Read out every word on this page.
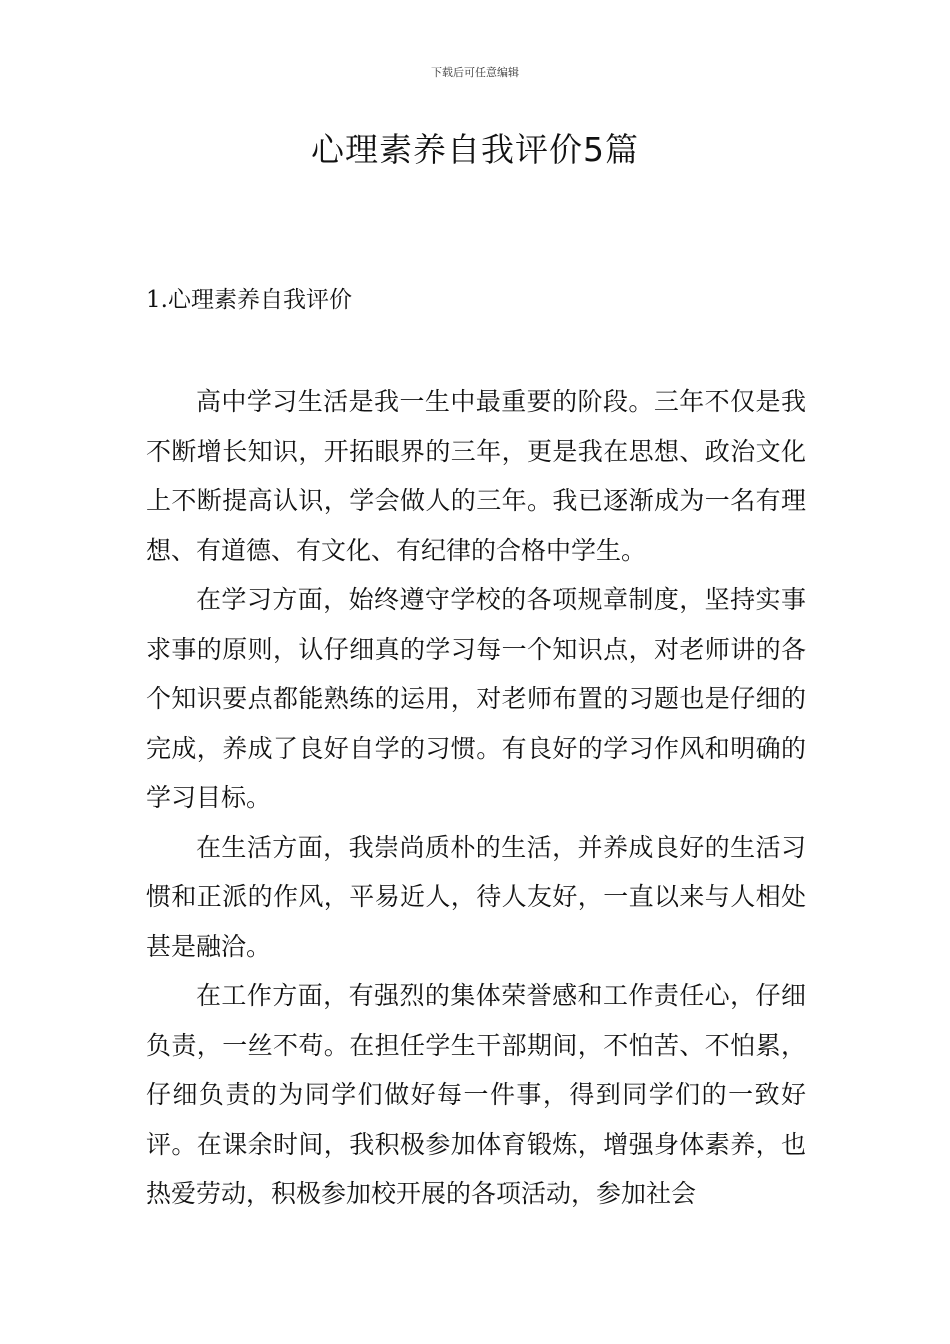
下载后可任意编辑
心理素养自我评价5篇
1.心理素养自我评价

高中学习生活是我一生中最重要的阶段。三年不仅是我不断增长知识，开拓眼界的三年，更是我在思想、政治文化上不断提高认识，学会做人的三年。我已逐渐成为一名有理想、有道德、有文化、有纪律的合格中学生。

在学习方面，始终遵守学校的各项规章制度，坚持实事求事的原则，认仔细真的学习每一个知识点，对老师讲的各个知识要点都能熟练的运用，对老师布置的习题也是仔细的完成，养成了良好自学的习惯。有良好的学习作风和明确的学习目标。

在生活方面，我崇尚质朴的生活，并养成良好的生活习惯和正派的作风，平易近人，待人友好，一直以来与人相处甚是融洽。

在工作方面，有强烈的集体荣誉感和工作责任心，仔细负责，一丝不苟。在担任学生干部期间，不怕苦、不怕累，仔细负责的为同学们做好每一件事，得到同学们的一致好评。在课余时间，我积极参加体育锻炼，增强身体素养，也热爱劳动，积极参加校开展的各项活动，参加社会
